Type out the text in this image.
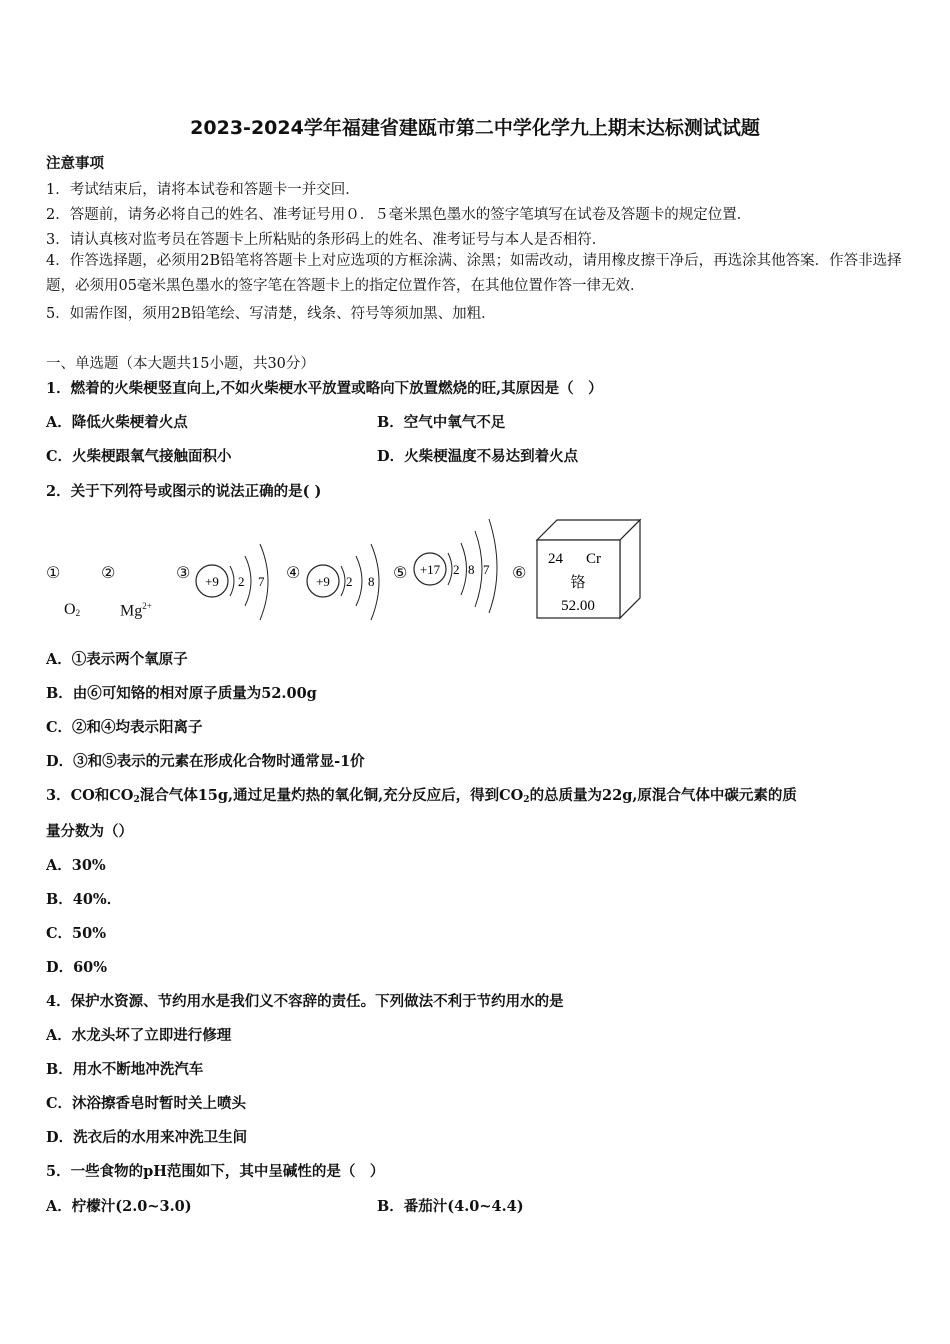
2023-2024学年福建省建瓯市第二中学化学九上期末达标测试试题
注意事项
1．考试结束后，请将本试卷和答题卡一并交回．
2．答题前，请务必将自己的姓名、准考证号用０．５毫米黑色墨水的签字笔填写在试卷及答题卡的规定位置．
3．请认真核对监考员在答题卡上所粘贴的条形码上的姓名、准考证号与本人是否相符．
4．作答选择题，必须用2B铅笔将答题卡上对应选项的方框涂满、涂黑；如需改动，请用橡皮擦干净后，再选涂其他答案．作答非选择题，必须用05毫米黑色墨水的签字笔在答题卡上的指定位置作答，在其他位置作答一律无效．
5．如需作图，须用2B铅笔绘、写清楚，线条、符号等须加黑、加粗．
一、单选题（本大题共15小题，共30分）
1．燃着的火柴梗竖直向上,不如火柴梗水平放置或略向下放置燃烧的旺,其原因是（　）
A．降低火柴梗着火点	B．空气中氧气不足
C．火柴梗跟氧气接触面积小	D．火柴梗温度不易达到着火点
2．关于下列符号或图示的说法正确的是( )
①	②	③	④	⑤	⑥
$O_2$ $Mg^{2+}$
+9 2 7	+9 2 8
+17 2 8 7
24 Cr
铬
52.00
A．①表示两个氧原子
B．由⑥可知铬的相对原子质量为52.00g
C．②和④均表示阳离子
D．③和⑤表示的元素在形成化合物时通常显-1价
3．CO和$CO_2$混合气体15g,通过足量灼热的氧化铜,充分反应后，得到$CO_2$的总质量为22g,原混合气体中碳元素的质
量分数为（）
A．30%
B．40%．
C．50%
D．60%
4．保护水资源、节约用水是我们义不容辞的责任。下列做法不利于节约用水的是
A．水龙头坏了立即进行修理
B．用水不断地冲洗汽车
C．沐浴擦香皂时暂时关上喷头
D．洗衣后的水用来冲洗卫生间
5．一些食物的pH范围如下，其中呈碱性的是（　）
A．柠檬汁(2.0~3.0)	B．番茄汁(4.0~4.4)
